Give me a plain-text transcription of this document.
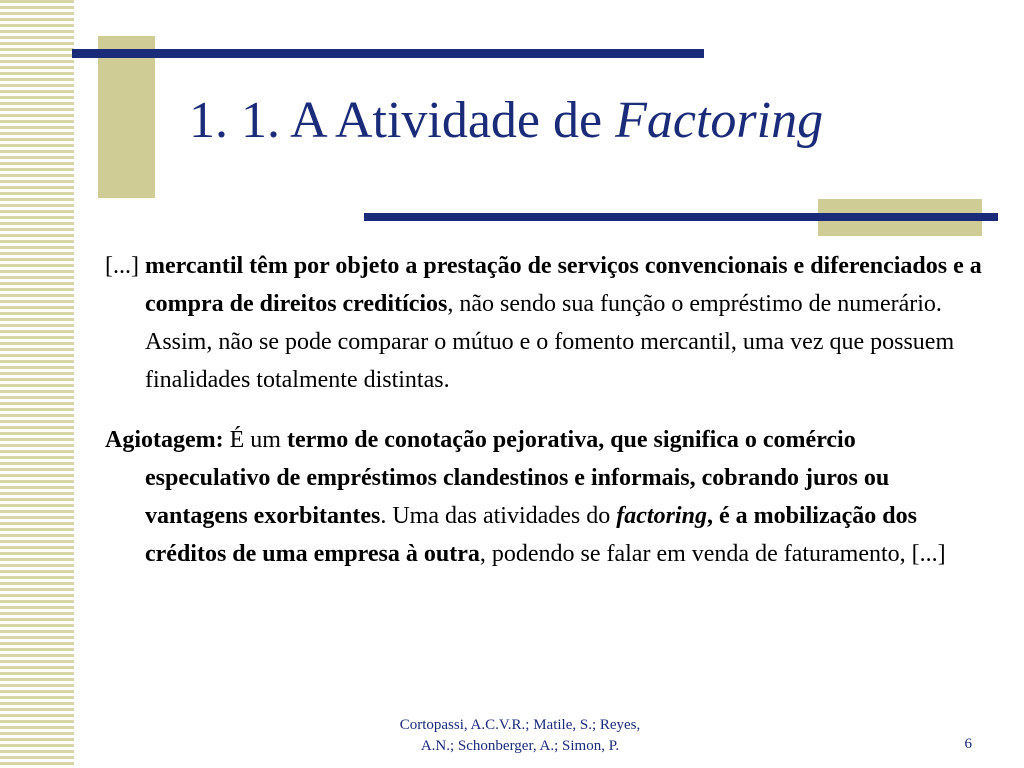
1. 1. A Atividade de Factoring

[...] mercantil têm por objeto a prestação de serviços convencionais e diferenciados e a compra de direitos creditícios, não sendo sua função o empréstimo de numerário. Assim, não se pode comparar o mútuo e o fomento mercantil, uma vez que possuem finalidades totalmente distintas.

Agiotagem: É um termo de conotação pejorativa, que significa o comércio especulativo de empréstimos clandestinos e informais, cobrando juros ou vantagens exorbitantes. Uma das atividades do factoring, é a mobilização dos créditos de uma empresa à outra, podendo se falar em venda de faturamento, [...]

Cortopassi, A.C.V.R.; Matile, S.; Reyes,
A.N.; Schonberger, A.; Simon, P.	6
